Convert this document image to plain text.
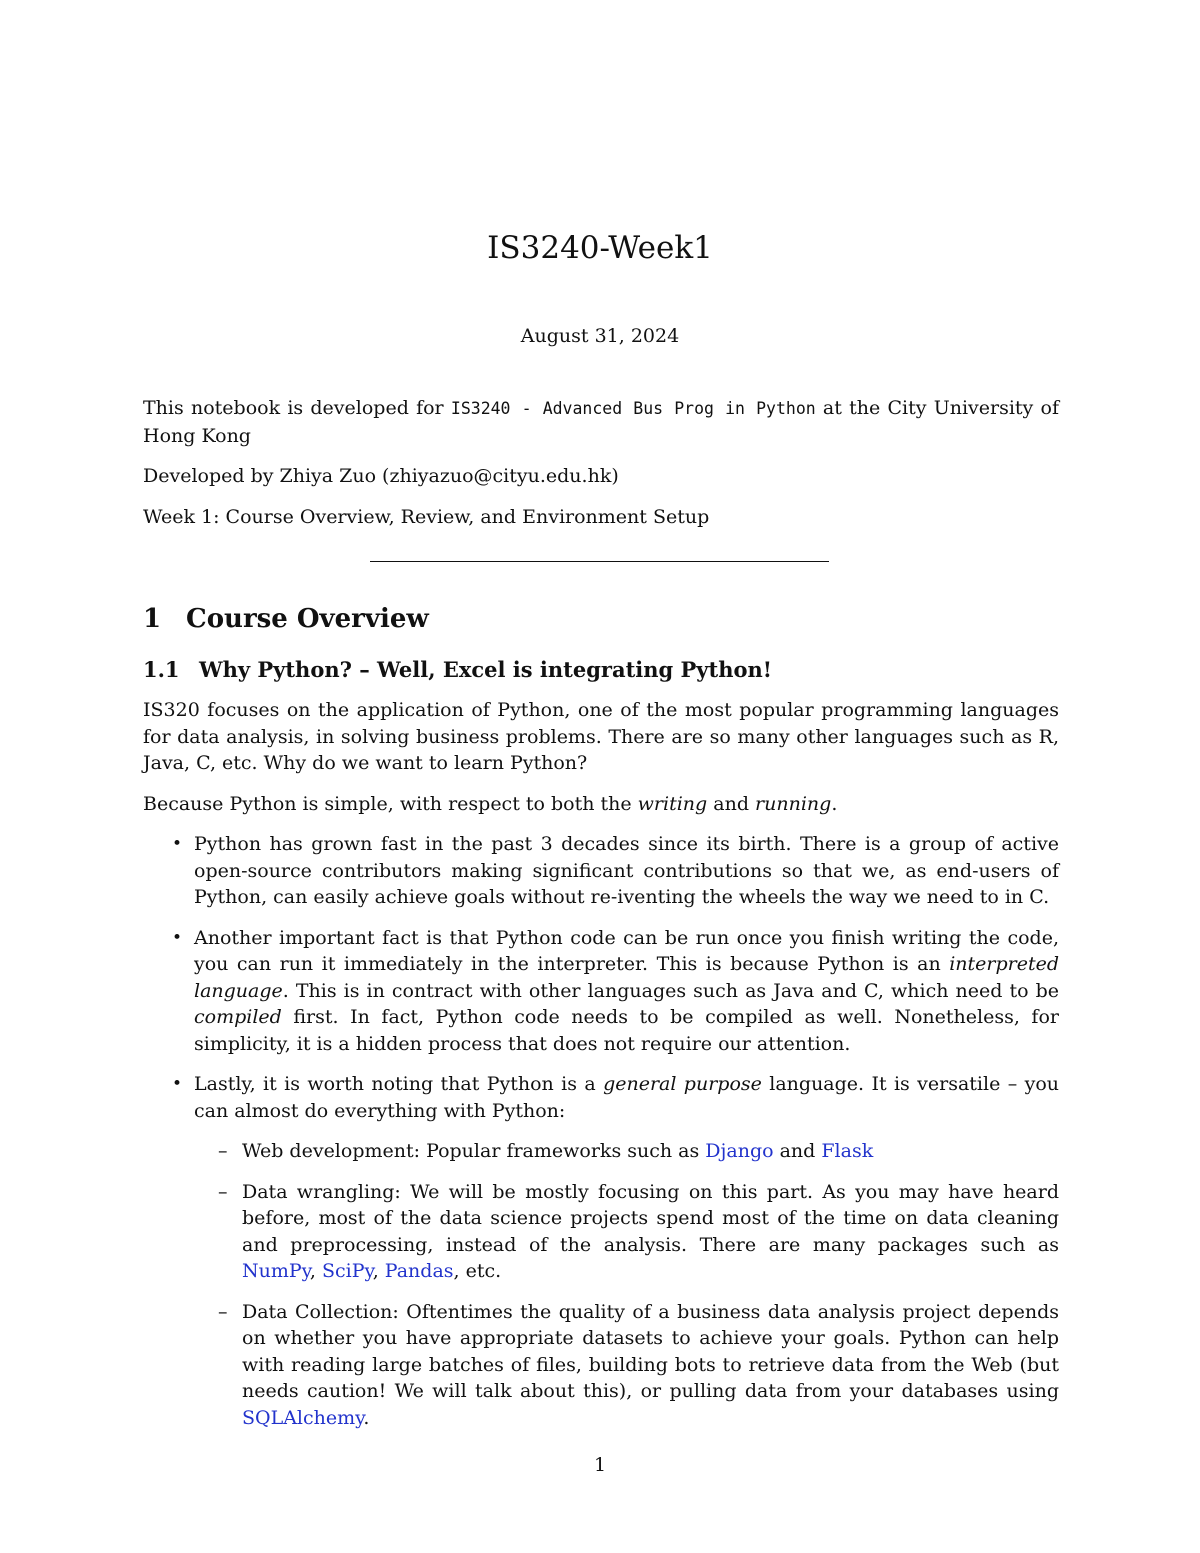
IS3240-Week1
August 31, 2024

This notebook is developed for IS3240 - Advanced Bus Prog in Python at the City University of Hong Kong

Developed by Zhiya Zuo (zhiyazuo@cityu.edu.hk)

Week 1: Course Overview, Review, and Environment Setup

1 Course Overview
1.1 Why Python? – Well, Excel is integrating Python!

IS320 focuses on the application of Python, one of the most popular programming languages for data analysis, in solving business problems. There are so many other languages such as R, Java, C, etc. Why do we want to learn Python?

Because Python is simple, with respect to both the writing and running.

• Python has grown fast in the past 3 decades since its birth. There is a group of active open-source contributors making significant contributions so that we, as end-users of Python, can easily achieve goals without re-iventing the wheels the way we need to in C.
• Another important fact is that Python code can be run once you finish writing the code, you can run it immediately in the interpreter. This is because Python is an interpreted language. This is in contract with other languages such as Java and C, which need to be compiled first. In fact, Python code needs to be compiled as well. Nonetheless, for simplicity, it is a hidden process that does not require our attention.
• Lastly, it is worth noting that Python is a general purpose language. It is versatile – you can almost do everything with Python:
– Web development: Popular frameworks such as Django and Flask
– Data wrangling: We will be mostly focusing on this part. As you may have heard before, most of the data science projects spend most of the time on data cleaning and preprocessing, instead of the analysis. There are many packages such as NumPy, SciPy, Pandas, etc.
– Data Collection: Oftentimes the quality of a business data analysis project depends on whether you have appropriate datasets to achieve your goals. Python can help with reading large batches of files, building bots to retrieve data from the Web (but needs caution! We will talk about this), or pulling data from your databases using SQLAlchemy.
1
